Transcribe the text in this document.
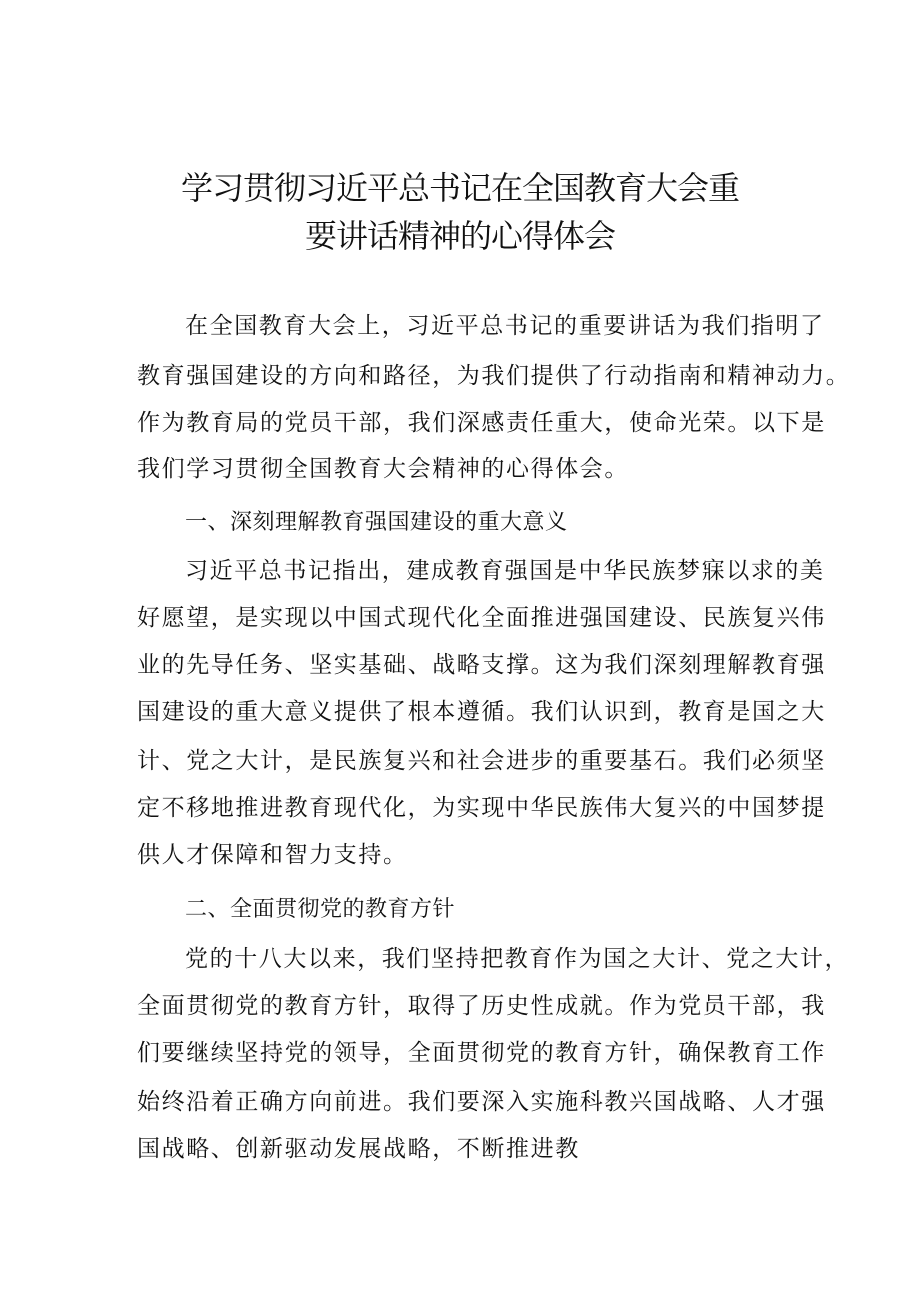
学习贯彻习近平总书记在全国教育大会重
要讲话精神的心得体会
在全国教育大会上，习近平总书记的重要讲话为我们指明了
教育强国建设的方向和路径，为我们提供了行动指南和精神动力。
作为教育局的党员干部，我们深感责任重大，使命光荣。以下是
我们学习贯彻全国教育大会精神的心得体会。
一、深刻理解教育强国建设的重大意义
习近平总书记指出，建成教育强国是中华民族梦寐以求的美
好愿望，是实现以中国式现代化全面推进强国建设、民族复兴伟
业的先导任务、坚实基础、战略支撑。这为我们深刻理解教育强
国建设的重大意义提供了根本遵循。我们认识到，教育是国之大
计、党之大计，是民族复兴和社会进步的重要基石。我们必须坚
定不移地推进教育现代化，为实现中华民族伟大复兴的中国梦提
供人才保障和智力支持。
二、全面贯彻党的教育方针
党的十八大以来，我们坚持把教育作为国之大计、党之大计，
全面贯彻党的教育方针，取得了历史性成就。作为党员干部，我
们要继续坚持党的领导，全面贯彻党的教育方针，确保教育工作
始终沿着正确方向前进。我们要深入实施科教兴国战略、人才强
国战略、创新驱动发展战略，不断推进教
